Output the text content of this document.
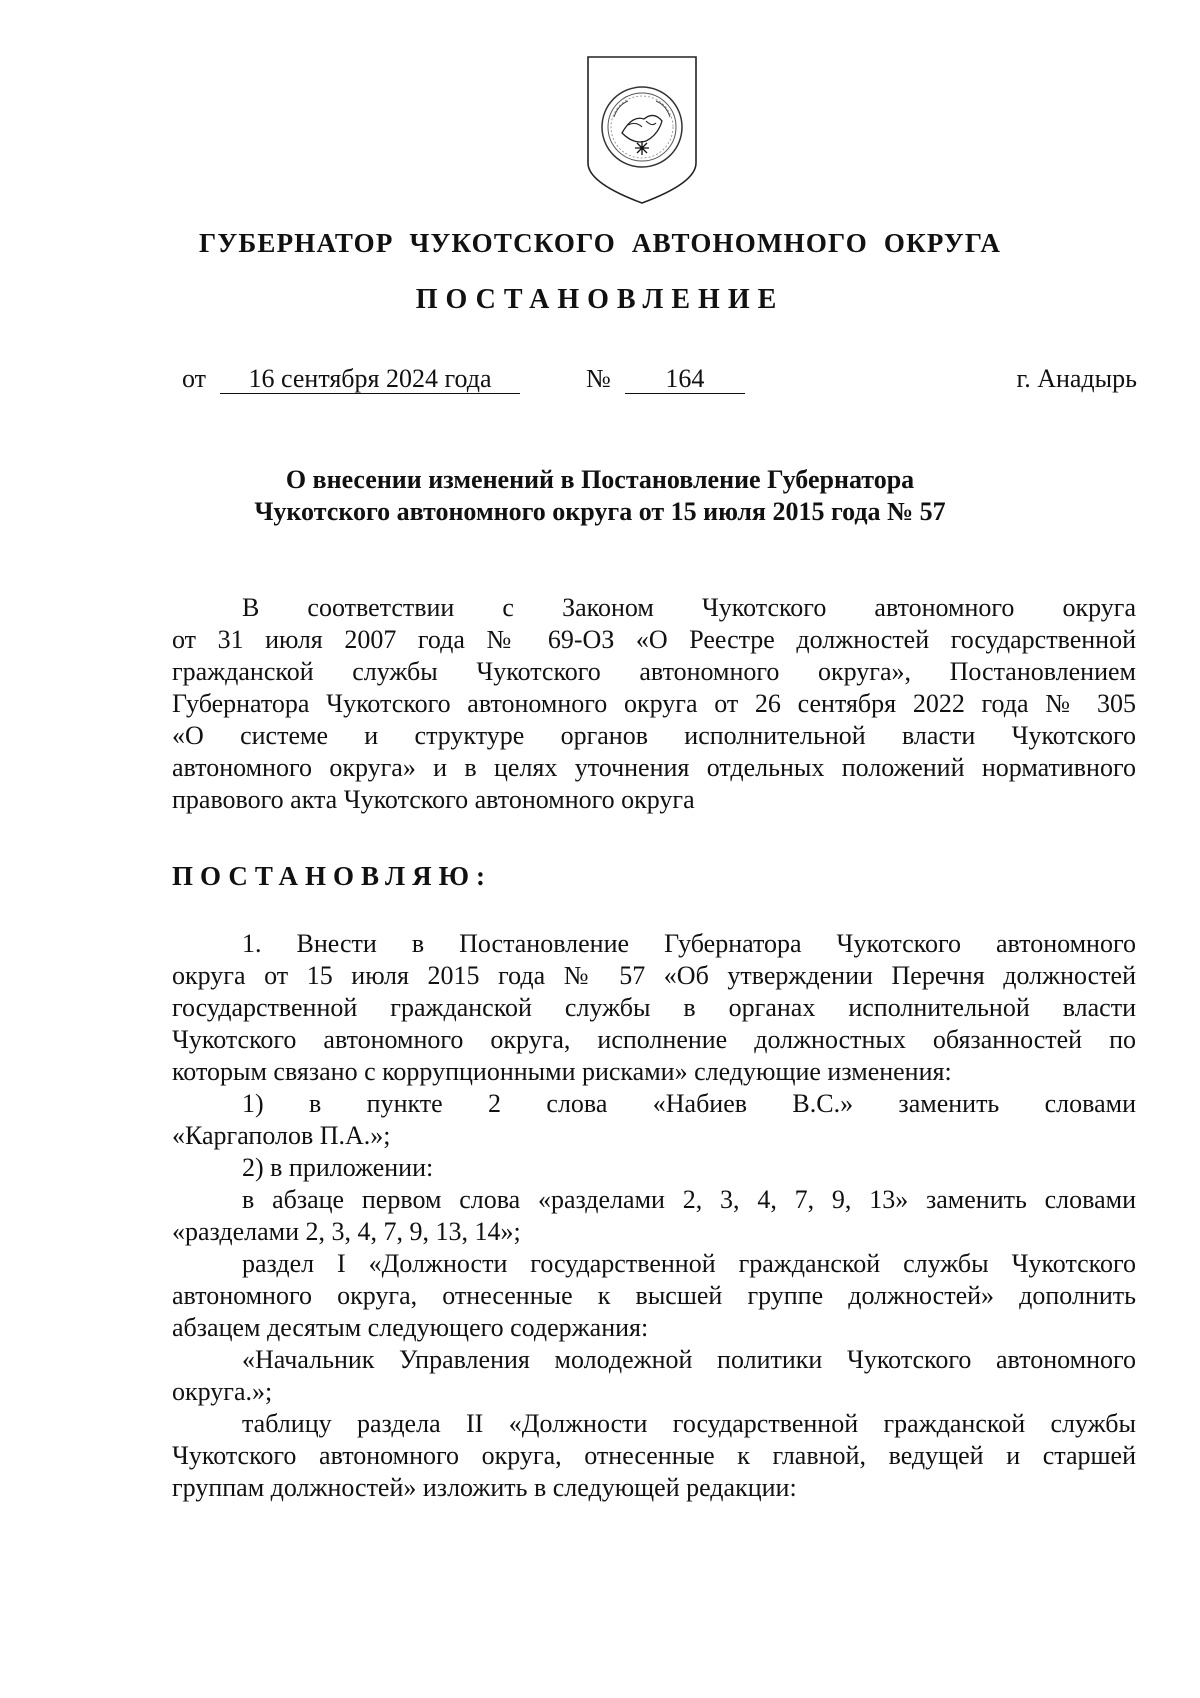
ГУБЕРНАТОР ЧУКОТСКОГО АВТОНОМНОГО ОКРУГА
ПОСТАНОВЛЕНИЕ
от 16 сентября 2024 года	№ 164	г. Анадырь
О внесении изменений в Постановление Губернатора
Чукотского автономного округа от 15 июля 2015 года № 57
В соответствии с Законом Чукотского автономного округа
от 31 июля 2007 года № 69-ОЗ «О Реестре должностей государственной
гражданской службы Чукотского автономного округа», Постановлением
Губернатора Чукотского автономного округа от 26 сентября 2022 года № 305
«О системе и структуре органов исполнительной власти Чукотского
автономного округа» и в целях уточнения отдельных положений нормативного
правового акта Чукотского автономного округа
ПОСТАНОВЛЯЮ:
1. Внести в Постановление Губернатора Чукотского автономного
округа от 15 июля 2015 года № 57 «Об утверждении Перечня должностей
государственной гражданской службы в органах исполнительной власти
Чукотского автономного округа, исполнение должностных обязанностей по
которым связано с коррупционными рисками» следующие изменения:
1) в пункте 2 слова «Набиев В.С.» заменить словами
«Каргаполов П.А.»;
2) в приложении:
в абзаце первом слова «разделами 2, 3, 4, 7, 9, 13» заменить словами
«разделами 2, 3, 4, 7, 9, 13, 14»;
раздел I «Должности государственной гражданской службы Чукотского
автономного округа, отнесенные к высшей группе должностей» дополнить
абзацем десятым следующего содержания:
«Начальник Управления молодежной политики Чукотского автономного
округа.»;
таблицу раздела II «Должности государственной гражданской службы
Чукотского автономного округа, отнесенные к главной, ведущей и старшей
группам должностей» изложить в следующей редакции:
